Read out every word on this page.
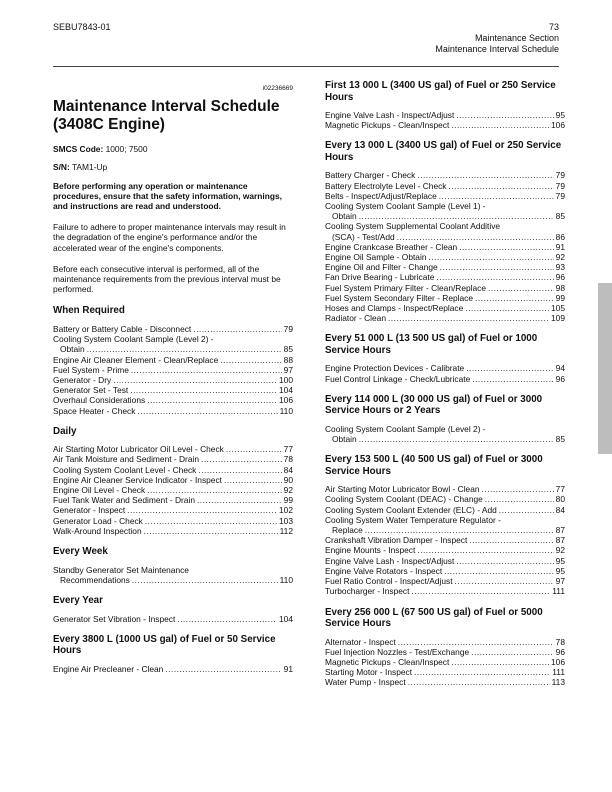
SEBU7843-01	73
Maintenance Section
Maintenance Interval Schedule
i02236669
Maintenance Interval Schedule (3408C Engine)
SMCS Code: 1000; 7500
S/N: TAM1-Up

Before performing any operation or maintenance procedures, ensure that the safety information, warnings, and instructions are read and understood.

Failure to adhere to proper maintenance intervals may result in the degradation of the engine's performance and/or the accelerated wear of the engine's components.

Before each consecutive interval is performed, all of the maintenance requirements from the previous interval must be performed.

When Required
Battery or Battery Cable - Disconnect .....	79
Cooling System Coolant Sample (Level 2) -
Obtain .....	85
Engine Air Cleaner Element - Clean/Replace .....	88
Fuel System - Prime .....	97
Generator - Dry .....	100
Generator Set - Test .....	104
Overhaul Considerations .....	106
Space Heater - Check .....	110
Daily
Air Starting Motor Lubricator Oil Level - Check .....	77
Air Tank Moisture and Sediment - Drain .....	78
Cooling System Coolant Level - Check .....	84
Engine Air Cleaner Service Indicator - Inspect .....	90
Engine Oil Level - Check .....	92
Fuel Tank Water and Sediment - Drain .....	99
Generator - Inspect .....	102
Generator Load - Check .....	103
Walk-Around Inspection .....	112
Every Week
Standby Generator Set Maintenance
Recommendations .....	110
Every Year
Generator Set Vibration - Inspect .....	104
Every 3800 L (1000 US gal) of Fuel or 50 Service Hours
Engine Air Precleaner - Clean .....	91
First 13 000 L (3400 US gal) of Fuel or 250 Service Hours
Engine Valve Lash - Inspect/Adjust .....	95
Magnetic Pickups - Clean/Inspect .....	106
Every 13 000 L (3400 US gal) of Fuel or 250 Service Hours
Battery Charger - Check .....	79
Battery Electrolyte Level - Check .....	79
Belts - Inspect/Adjust/Replace .....	79
Cooling System Coolant Sample (Level 1) -
Obtain .....	85
Cooling System Supplemental Coolant Additive
(SCA) - Test/Add .....	86
Engine Crankcase Breather - Clean .....	91
Engine Oil Sample - Obtain .....	92
Engine Oil and Filter - Change .....	93
Fan Drive Bearing - Lubricate .....	96
Fuel System Primary Filter - Clean/Replace .....	98
Fuel System Secondary Filter - Replace .....	99
Hoses and Clamps - Inspect/Replace .....	105
Radiator - Clean .....	109
Every 51 000 L (13 500 US gal) of Fuel or 1000 Service Hours
Engine Protection Devices - Calibrate .....	94
Fuel Control Linkage - Check/Lubricate .....	96
Every 114 000 L (30 000 US gal) of Fuel or 3000 Service Hours or 2 Years
Cooling System Coolant Sample (Level 2) -
Obtain .....	85
Every 153 500 L (40 500 US gal) of Fuel or 3000 Service Hours
Air Starting Motor Lubricator Bowl - Clean .....	77
Cooling System Coolant (DEAC) - Change .....	80
Cooling System Coolant Extender (ELC) - Add .....	84
Cooling System Water Temperature Regulator -
Replace .....	87
Crankshaft Vibration Damper - Inspect .....	87
Engine Mounts - Inspect .....	92
Engine Valve Lash - Inspect/Adjust .....	95
Engine Valve Rotators - Inspect .....	95
Fuel Ratio Control - Inspect/Adjust .....	97
Turbocharger - Inspect .....	111
Every 256 000 L (67 500 US gal) of Fuel or 5000 Service Hours
Alternator - Inspect .....	78
Fuel Injection Nozzles - Test/Exchange .....	96
Magnetic Pickups - Clean/Inspect .....	106
Starting Motor - Inspect .....	111
Water Pump - Inspect .....	113
